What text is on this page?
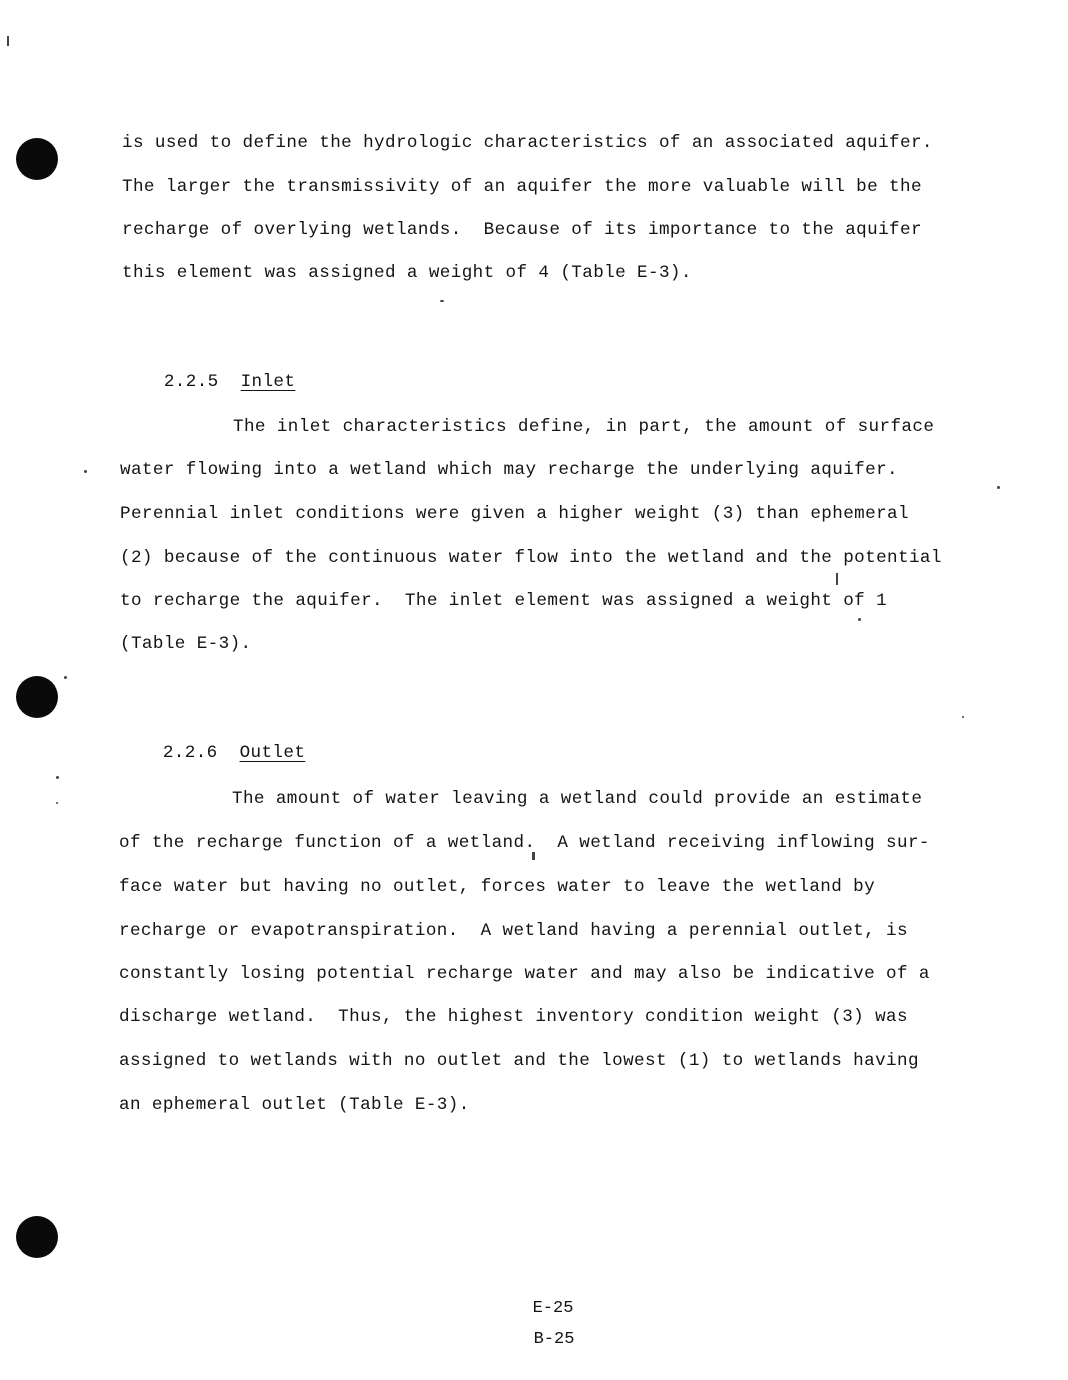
is used to define the hydrologic characteristics of an associated aquifer.
The larger the transmissivity of an aquifer the more valuable will be the
recharge of overlying wetlands.  Because of its importance to the aquifer
this element was assigned a weight of 4 (Table E-3).

2.2.5 Inlet

The inlet characteristics define, in part, the amount of surface
water flowing into a wetland which may recharge the underlying aquifer.
Perennial inlet conditions were given a higher weight (3) than ephemeral
(2) because of the continuous water flow into the wetland and the potential
to recharge the aquifer.  The inlet element was assigned a weight of 1
(Table E-3).

2.2.6 Outlet

The amount of water leaving a wetland could provide an estimate
of the recharge function of a wetland.  A wetland receiving inflowing sur-
face water but having no outlet, forces water to leave the wetland by
recharge or evapotranspiration.  A wetland having a perennial outlet, is
constantly losing potential recharge water and may also be indicative of a
discharge wetland.  Thus, the highest inventory condition weight (3) was
assigned to wetlands with no outlet and the lowest (1) to wetlands having
an ephemeral outlet (Table E-3).
E-25
B-25
